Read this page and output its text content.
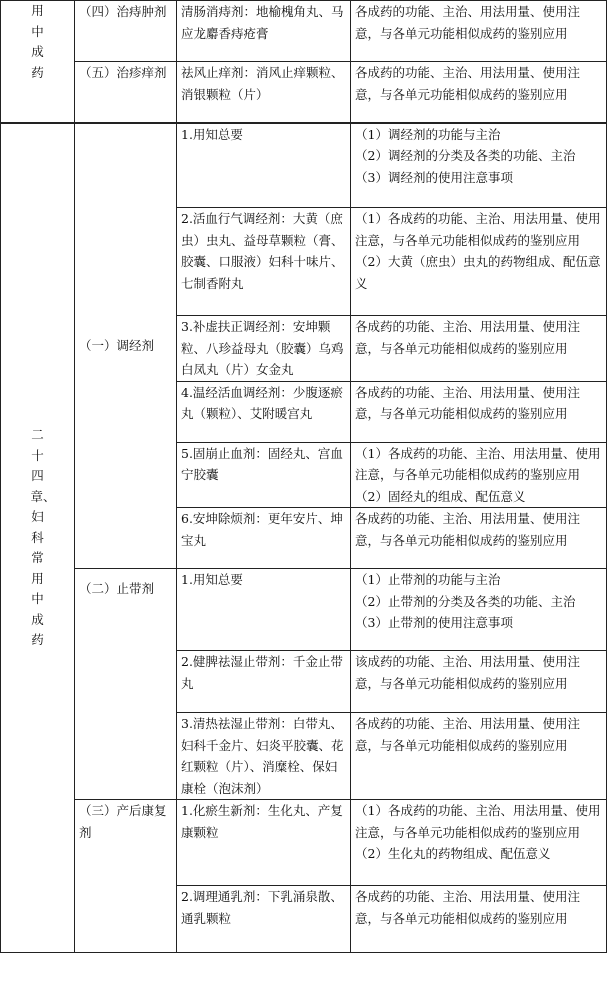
用中成药	（四）治痔肿剂	清肠消痔剂：地榆槐角丸、马应龙麝香痔疮膏	各成药的功能、主治、用法用量、使用注意，与各单元功能相似成药的鉴别应用

	（五）治疹痒剂	祛风止痒剂：消风止痒颗粒、消银颗粒（片）	各成药的功能、主治、用法用量、使用注意，与各单元功能相似成药的鉴别应用

二十四章、妇科常用中成药	（一）调经剂	1.用知总要	（1）调经剂的功能与主治
（2）调经剂的分类及各类的功能、主治
（3）调经剂的使用注意事项

		2.活血行气调经剂：大黄（庶虫）虫丸、益母草颗粒（膏、胶囊、口服液）妇科十味片、七制香附丸	（1）各成药的功能、主治、用法用量、使用注意，与各单元功能相似成药的鉴别应用
（2）大黄（庶虫）虫丸的药物组成、配伍意义

		3.补虚扶正调经剂：安坤颗粒、八珍益母丸（胶囊）乌鸡白凤丸（片）女金丸	各成药的功能、主治、用法用量、使用注意，与各单元功能相似成药的鉴别应用

		4.温经活血调经剂：少腹逐瘀丸（颗粒）、艾附暖宫丸	各成药的功能、主治、用法用量、使用注意，与各单元功能相似成药的鉴别应用

		5.固崩止血剂：固经丸、宫血宁胶囊	（1）各成药的功能、主治、用法用量、使用注意，与各单元功能相似成药的鉴别应用
（2）固经丸的组成、配伍意义

		6.安坤除烦剂：更年安片、坤宝丸	各成药的功能、主治、用法用量、使用注意，与各单元功能相似成药的鉴别应用

	（二）止带剂	1.用知总要	（1）止带剂的功能与主治
（2）止带剂的分类及各类的功能、主治
（3）止带剂的使用注意事项

		2.健脾祛湿止带剂：千金止带丸	该成药的功能、主治、用法用量、使用注意，与各单元功能相似成药的鉴别应用

		3.清热祛湿止带剂：白带丸、妇科千金片、妇炎平胶囊、花红颗粒（片）、消糜栓、保妇康栓（泡沫剂）	各成药的功能、主治、用法用量、使用注意，与各单元功能相似成药的鉴别应用

	（三）产后康复剂	1.化瘀生新剂：生化丸、产复康颗粒	（1）各成药的功能、主治、用法用量、使用注意，与各单元功能相似成药的鉴别应用
（2）生化丸的药物组成、配伍意义

		2.调理通乳剂：下乳涌泉散、通乳颗粒	各成药的功能、主治、用法用量、使用注意，与各单元功能相似成药的鉴别应用
